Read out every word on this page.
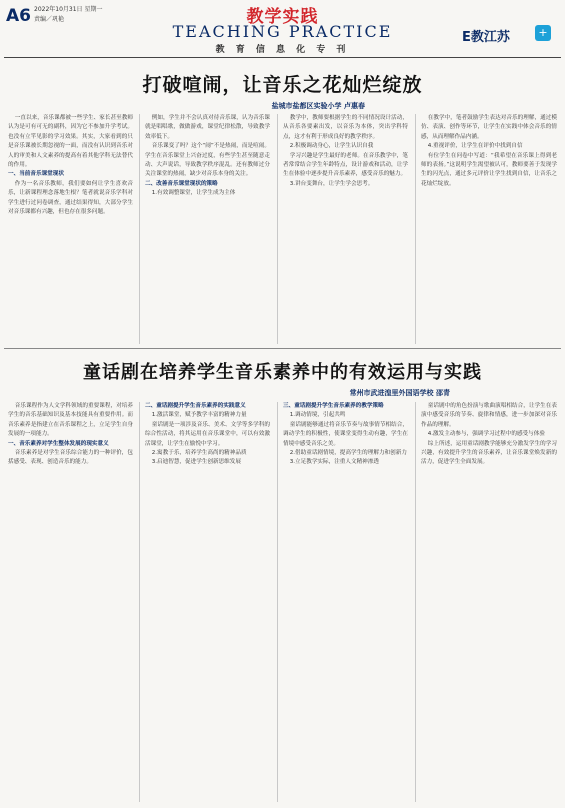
A6 2022年10月31日 星期一
责编／巩艳	教学实践
TEACHING PRACTICE
教 育 信 息 化 专 刊
E教江苏	+
打破喧闹，让音乐之花灿烂绽放
盐城市盐都区实验小学 卢惠春

一直以来，音乐课都被一些学生、家长甚至教师认为是可有可无的副科，因为它不参加升学考试。也没有立竿见影的学习效果。其实，大家看到的只是音乐课被长期忽视的一面，而没有认识到音乐对人的审美和人文素养的提高有着其他学科无法替代的作用。

一、当前音乐课堂现状

作为一名音乐教师，我们要如何让学生喜欢音乐，让新课程理念落地生根？笔者就说音乐学科对学生进行过问卷调查，通过结果得知，大部分学生对音乐课都有兴趣，但也存在很多问题。

例如，学生并不会认真对待音乐课，认为音乐课就是唱唱歌，做做游戏，课堂纪律松散，导致教学效率低下。

音乐课变了吗？这个“闹”不是热闹，而是喧闹。学生在音乐课堂上兴奋过度，有些学生甚至随意走动、大声说话，导致教学秩序混乱。还有教师过分关注课堂的热闹，缺少对音乐本身的关注。

二、改善音乐课堂现状的策略

1.有效调整课堂，让学生成为主体

教学中，教师要根据学生的不同情况设计活动，从音乐各要素出发，以音乐为本体，突出学科特点，这才有利于形成良好的教学秩序。

2.积极调动身心，让学生认识自我

学习兴趣是学生最好的老师。在音乐教学中，笔者常常结合学生年龄特点，设计游戏和活动，让学生在体验中逐步提升音乐素养，感受音乐的魅力。

3.讲台变舞台，让学生学会思考。

在教学中，笔者鼓励学生表达对音乐的理解，通过模仿、表演、创作等环节，让学生在实践中体会音乐的情感，从而理解作品内涵。

4.重视评价，让学生在评价中找到自信

有位学生在问卷中写道：“我希望在音乐课上得到老师的表扬。”这说明学生渴望被认可，教师要善于发现学生的闪光点，通过多元评价让学生找到自信，让音乐之花灿烂绽放。

童话剧在培养学生音乐素养中的有效运用与实践
常州市武进湟里外国语学校 邵青

音乐课程作为人文学科领域的重要课程，对培养学生的音乐基础知识及基本技能具有重要作用。而音乐素养是指建立在音乐课程之上，立足学生自身发展的一项能力。

一、音乐素养对学生整体发展的现实意义

音乐素养是对学生音乐综合能力的一种评价，包括感受、表现、创造音乐的能力。

二、童话剧提升学生音乐素养的实践意义

1.激活课堂，赋予教学丰富的精神力量

童话剧是一项涉及音乐、美术、文学等多学科的综合性活动，将其运用在音乐课堂中，可以有效激活课堂，让学生在愉悦中学习。

2.寓教于乐，培养学生高尚的精神品质

3.启迪智慧，促进学生创新思维发展

三、童话剧提升学生音乐素养的教学策略

1.调动情境，引起共鸣

童话剧能够通过将音乐节奏与故事情节相结合，调动学生的积极性，使课堂变得生动有趣，学生在情境中感受音乐之美。

2.借助童话剧情境，提高学生的理解力和创新力

3.立足教学实际，注重人文精神渗透

童话剧中的角色扮演与歌曲演唱相结合，让学生在表演中感受音乐的节奏、旋律和情感，进一步加深对音乐作品的理解。

4.激发主动参与，强调学习过程中的感受与体验

综上所述，运用童话剧教学能够充分激发学生的学习兴趣，有效提升学生的音乐素养，让音乐课堂焕发新的活力，促进学生全面发展。
